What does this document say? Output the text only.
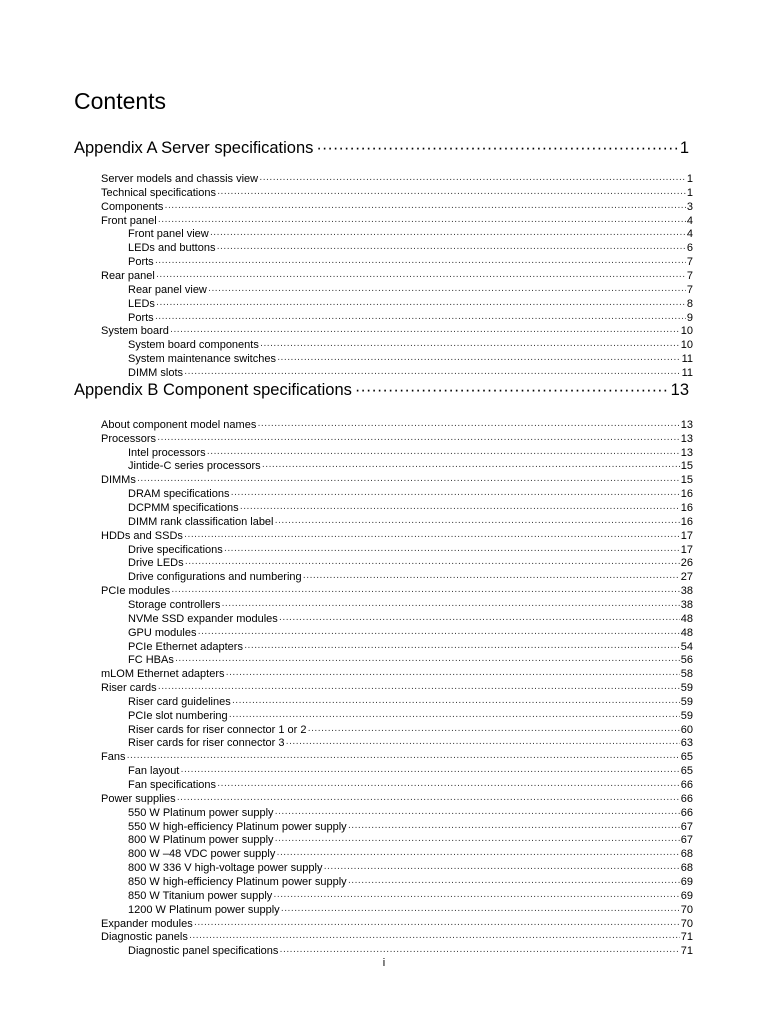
Contents
Appendix A Server specifications ·····	1
Server models and chassis view ·····	1
Technical specifications ·····	1
Components ·····	3
Front panel ·····	4
Front panel view ·····	4
LEDs and buttons ·····	6
Ports ·····	7
Rear panel ·····	7
Rear panel view ·····	7
LEDs ·····	8
Ports ·····	9
System board ·····	10
System board components ·····	10
System maintenance switches ·····	11
DIMM slots ·····	11
Appendix B Component specifications ·····	13
About component model names ·····	13
Processors ·····	13
Intel processors ·····	13
Jintide-C series processors ·····	15
DIMMs ·····	15
DRAM specifications ·····	16
DCPMM specifications ·····	16
DIMM rank classification label ·····	16
HDDs and SSDs ·····	17
Drive specifications ·····	17
Drive LEDs ·····	26
Drive configurations and numbering ·····	27
PCIe modules ·····	38
Storage controllers ·····	38
NVMe SSD expander modules ·····	48
GPU modules ·····	48
PCIe Ethernet adapters ·····	54
FC HBAs ·····	56
mLOM Ethernet adapters ·····	58
Riser cards ·····	59
Riser card guidelines ·····	59
PCIe slot numbering ·····	59
Riser cards for riser connector 1 or 2 ·····	60
Riser cards for riser connector 3 ·····	63
Fans ·····	65
Fan layout ·····	65
Fan specifications ·····	66
Power supplies ·····	66
550 W Platinum power supply ·····	66
550 W high-efficiency Platinum power supply ·····	67
800 W Platinum power supply ·····	67
800 W –48 VDC power supply ·····	68
800 W 336 V high-voltage power supply ·····	68
850 W high-efficiency Platinum power supply ·····	69
850 W Titanium power supply ·····	69
1200 W Platinum power supply ·····	70
Expander modules ·····	70
Diagnostic panels ·····	71
Diagnostic panel specifications ·····	71
i
